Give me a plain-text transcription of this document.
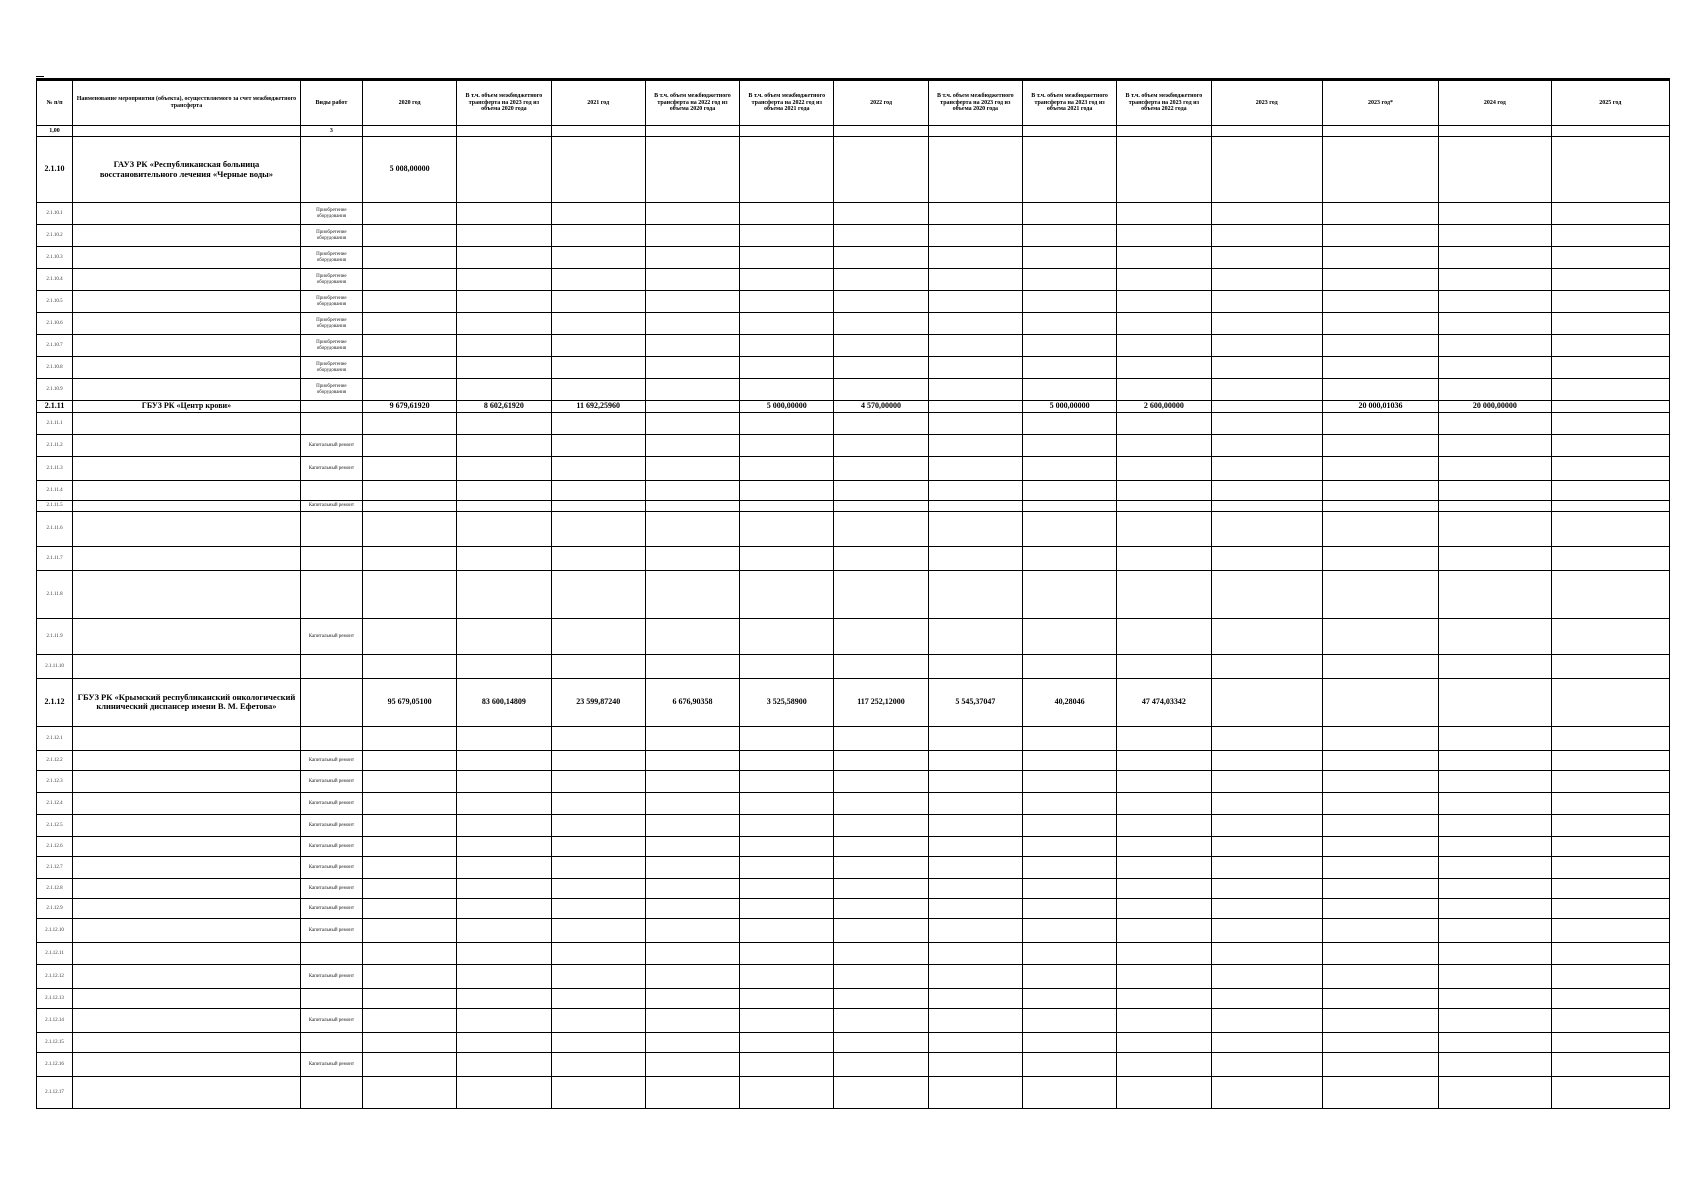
№ п/п	Наименование мероприятия (объекта), осуществляемого за счет межбюджетного трансферта	Виды работ	2020 год	В т.ч. объем межбюджетного трансферта на 2023 год из объема 2020 года	2021 год	В т.ч. объем межбюджетного трансферта на 2022 год из объема 2020 года	В т.ч. объем межбюджетного трансферта на 2022 год из объема 2021 года	2022 год	В т.ч. объем межбюджетного трансферта на 2023 год из объема 2020 года	В т.ч. объем межбюджетного трансферта на 2023 год из объема 2021 года	В т.ч. объем межбюджетного трансферта на 2023 год из объема 2022 года	2023 год	2023 год*	2024 год	2025 год
1,00		3													
2.1.10	ГАУЗ РК «Республиканская больница восстановительного лечения «Черные воды»		5 008,00000												
2.1.10.1		Приобретение оборудования													
2.1.10.2		Приобретение оборудования													
2.1.10.3		Приобретение оборудования													
2.1.10.4		Приобретение оборудования													
2.1.10.5		Приобретение оборудования													
2.1.10.6		Приобретение оборудования													
2.1.10.7		Приобретение оборудования													
2.1.10.8		Приобретение оборудования													
2.1.10.9		Приобретение оборудования													
2.1.11	ГБУЗ РК «Центр крови»		9 679,61920	8 602,61920	11 692,25960		5 000,00000	4 570,00000		5 000,00000	2 600,00000		20 000,01036	20 000,00000	
2.1.11.1															
2.1.11.2		Капитальный ремонт													
2.1.11.3		Капитальный ремонт													
2.1.11.4															
2.1.11.5		Капитальный ремонт													
2.1.11.6															
2.1.11.7															
2.1.11.8															
2.1.11.9		Капитальный ремонт													
2.1.11.10															
2.1.12	ГБУЗ РК «Крымский республиканский онкологический клинический диспансер имени В. М. Ефетова»		95 679,05100	83 600,14809	23 599,87240	6 676,90358	3 525,58900	117 252,12000	5 545,37047	40,28046	47 474,03342				
2.1.12.1															
2.1.12.2		Капитальный ремонт													
2.1.12.3		Капитальный ремонт													
2.1.12.4		Капитальный ремонт													
2.1.12.5		Капитальный ремонт													
2.1.12.6		Капитальный ремонт													
2.1.12.7		Капитальный ремонт													
2.1.12.8		Капитальный ремонт													
2.1.12.9		Капитальный ремонт													
2.1.12.10		Капитальный ремонт													
2.1.12.11															
2.1.12.12		Капитальный ремонт													
2.1.12.13															
2.1.12.14		Капитальный ремонт													
2.1.12.15															
2.1.12.16		Капитальный ремонт													
2.1.12.17															
